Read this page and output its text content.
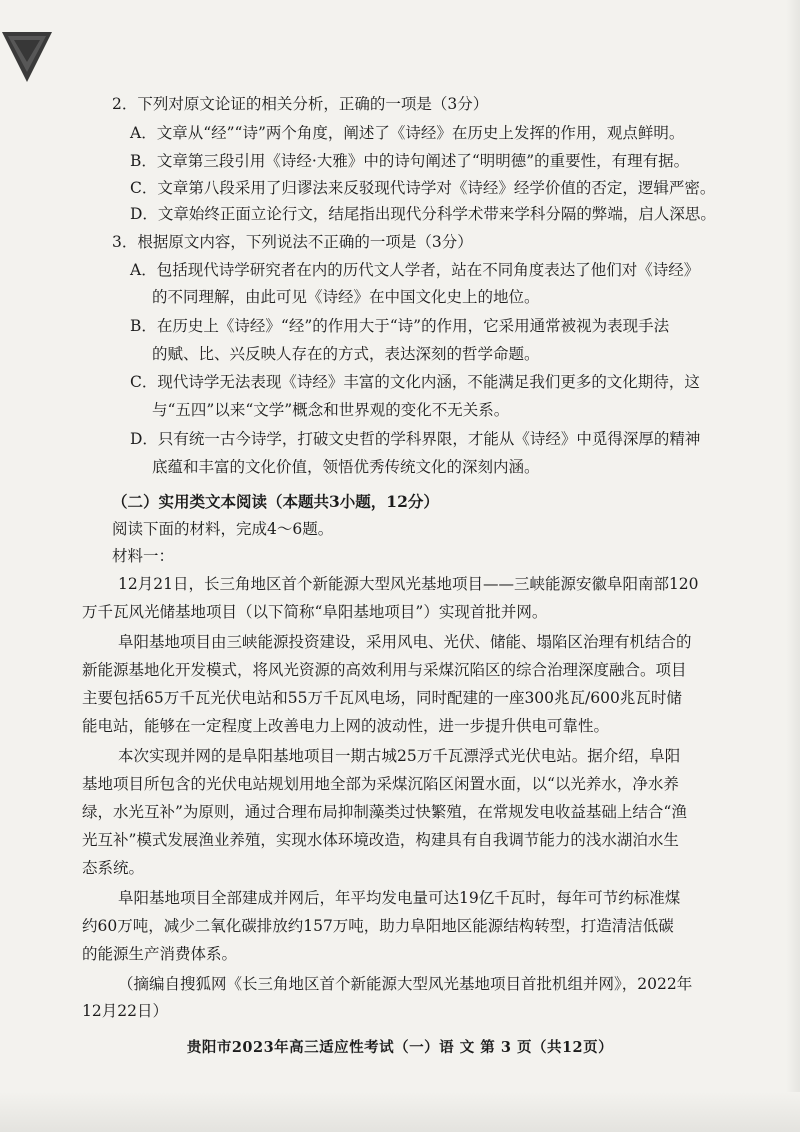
2．下列对原文论证的相关分析，正确的一项是（3分）
A．文章从“经”“诗”两个角度，阐述了《诗经》在历史上发挥的作用，观点鲜明。
B．文章第三段引用《诗经·大雅》中的诗句阐述了“明明德”的重要性，有理有据。
C．文章第八段采用了归谬法来反驳现代诗学对《诗经》经学价值的否定，逻辑严密。
D．文章始终正面立论行文，结尾指出现代分科学术带来学科分隔的弊端，启人深思。
3．根据原文内容，下列说法不正确的一项是（3分）
A．包括现代诗学研究者在内的历代文人学者，站在不同角度表达了他们对《诗经》
的不同理解，由此可见《诗经》在中国文化史上的地位。
B．在历史上《诗经》“经”的作用大于“诗”的作用，它采用通常被视为表现手法
的赋、比、兴反映人存在的方式，表达深刻的哲学命题。
C．现代诗学无法表现《诗经》丰富的文化内涵，不能满足我们更多的文化期待，这
与“五四”以来“文学”概念和世界观的变化不无关系。
D．只有统一古今诗学，打破文史哲的学科界限，才能从《诗经》中觅得深厚的精神
底蕴和丰富的文化价值，领悟优秀传统文化的深刻内涵。
（二）实用类文本阅读（本题共3小题，12分）
阅读下面的材料，完成4～6题。
材料一：
12月21日，长三角地区首个新能源大型风光基地项目——三峡能源安徽阜阳南部120
万千瓦风光储基地项目（以下简称“阜阳基地项目”）实现首批并网。
阜阳基地项目由三峡能源投资建设，采用风电、光伏、储能、塌陷区治理有机结合的
新能源基地化开发模式，将风光资源的高效利用与采煤沉陷区的综合治理深度融合。项目
主要包括65万千瓦光伏电站和55万千瓦风电场，同时配建的一座300兆瓦/600兆瓦时储
能电站，能够在一定程度上改善电力上网的波动性，进一步提升供电可靠性。
本次实现并网的是阜阳基地项目一期古城25万千瓦漂浮式光伏电站。据介绍，阜阳
基地项目所包含的光伏电站规划用地全部为采煤沉陷区闲置水面，以“以光养水，净水养
绿，水光互补”为原则，通过合理布局抑制藻类过快繁殖，在常规发电收益基础上结合“渔
光互补”模式发展渔业养殖，实现水体环境改造，构建具有自我调节能力的浅水湖泊水生
态系统。
阜阳基地项目全部建成并网后，年平均发电量可达19亿千瓦时，每年可节约标准煤
约60万吨，减少二氧化碳排放约157万吨，助力阜阳地区能源结构转型，打造清洁低碳
的能源生产消费体系。
（摘编自搜狐网《长三角地区首个新能源大型风光基地项目首批机组并网》，2022年
12月22日）
贵阳市2023年高三适应性考试（一）语 文 第 3 页（共12页）
